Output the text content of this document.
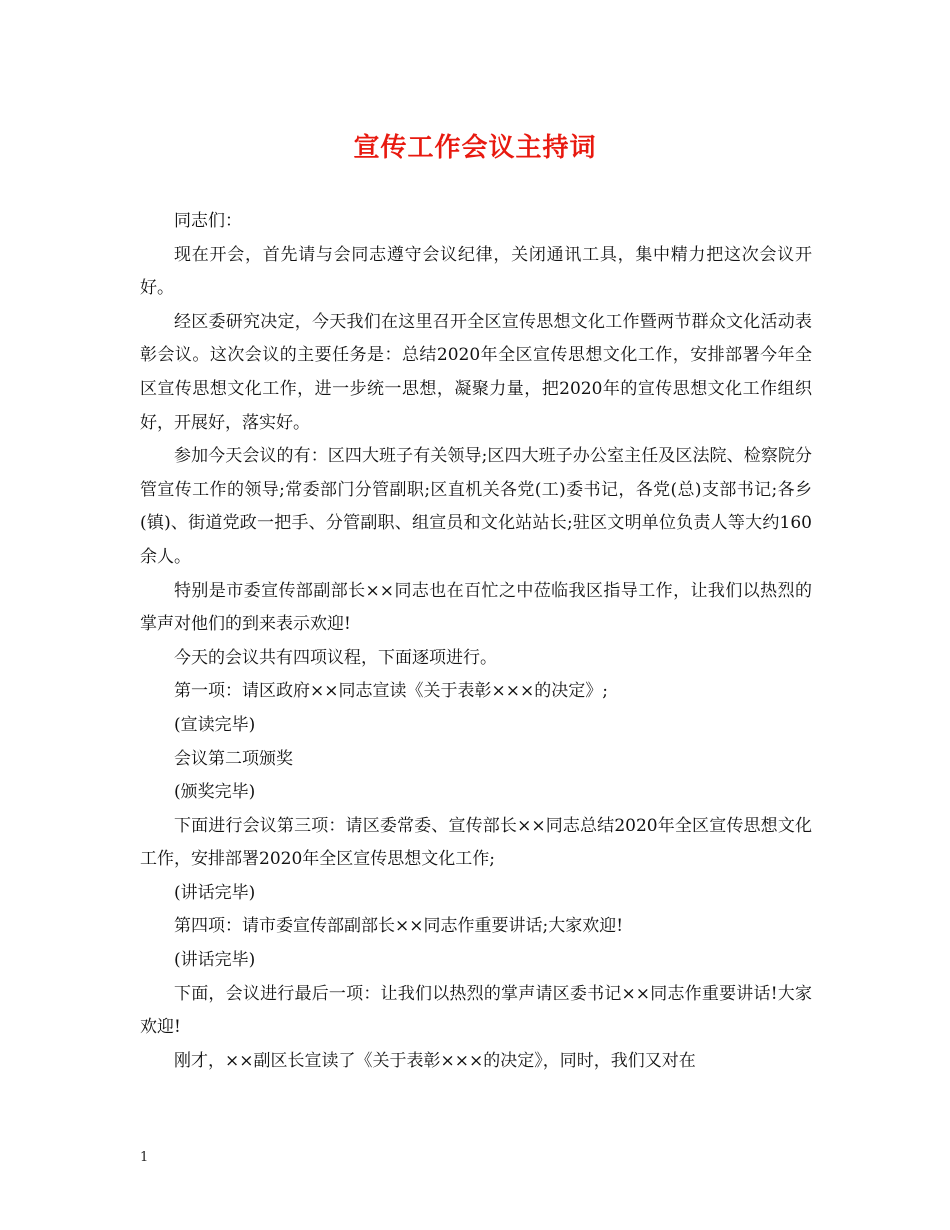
宣传工作会议主持词

同志们：

现在开会，首先请与会同志遵守会议纪律，关闭通讯工具，集中精力把这次会议开好。

经区委研究决定，今天我们在这里召开全区宣传思想文化工作暨两节群众文化活动表彰会议。这次会议的主要任务是：总结2020年全区宣传思想文化工作，安排部署今年全区宣传思想文化工作，进一步统一思想，凝聚力量，把2020年的宣传思想文化工作组织好，开展好，落实好。

参加今天会议的有：区四大班子有关领导;区四大班子办公室主任及区法院、检察院分管宣传工作的领导;常委部门分管副职;区直机关各党(工)委书记，各党(总)支部书记;各乡(镇)、街道党政一把手、分管副职、组宣员和文化站站长;驻区文明单位负责人等大约160余人。

特别是市委宣传部副部长××同志也在百忙之中莅临我区指导工作，让我们以热烈的掌声对他们的到来表示欢迎!

今天的会议共有四项议程，下面逐项进行。

第一项：请区政府××同志宣读《关于表彰×××的决定》;

(宣读完毕)

会议第二项颁奖

(颁奖完毕)

下面进行会议第三项：请区委常委、宣传部长××同志总结2020年全区宣传思想文化工作，安排部署2020年全区宣传思想文化工作;

(讲话完毕)

第四项：请市委宣传部副部长××同志作重要讲话;大家欢迎!

(讲话完毕)

下面，会议进行最后一项：让我们以热烈的掌声请区委书记××同志作重要讲话!大家欢迎!

刚才，××副区长宣读了《关于表彰×××的决定》，同时，我们又对在

1
